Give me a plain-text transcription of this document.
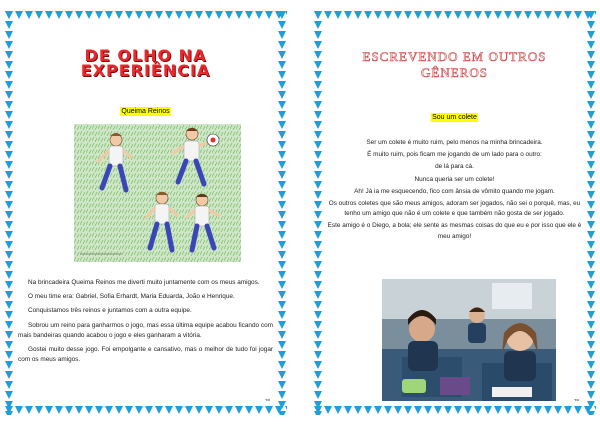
DE OLHO NA
EXPERIÊNCIA
Queima Reinos

Na brincadeira Queima Reinos me diverti muito juntamente com os meus amigos.

O meu time era: Gabriel, Sofia Erhardt, Maria Eduarda, João e Henrique.

Conquistamos três reinos e juntamos com a outra equipe.

Sobrou um reino para ganharmos o jogo, mas essa última equipe acabou ficando com mais bandeiras quando acabou o jogo e eles ganharam a vitória.

Gostei muito desse jogo. Foi empolgante e cansativo, mas o melhor de tudo foi jogar com os meus amigos.

38
ESCREVENDO EM OUTROS
GÊNEROS
Sou um colete

Ser um colete é muito ruim, pelo menos na minha brincadeira.

É muito ruim, pois ficam me jogando de um lado para o outro:

de lá para cá.

Nunca queria ser um colete!

Ah! Já ia me esquecendo, fico com ânsia de vômito quando me jogam.

Os outros coletes que são meus amigos, adoram ser jogados, não sei o porquê, mas, eu tenho um amigo que não é um colete e que também não gosta de ser jogado.

Este amigo é o Diego, a bola; ele sente as mesmas coisas do que eu e por isso que ele é meu amigo!

39
